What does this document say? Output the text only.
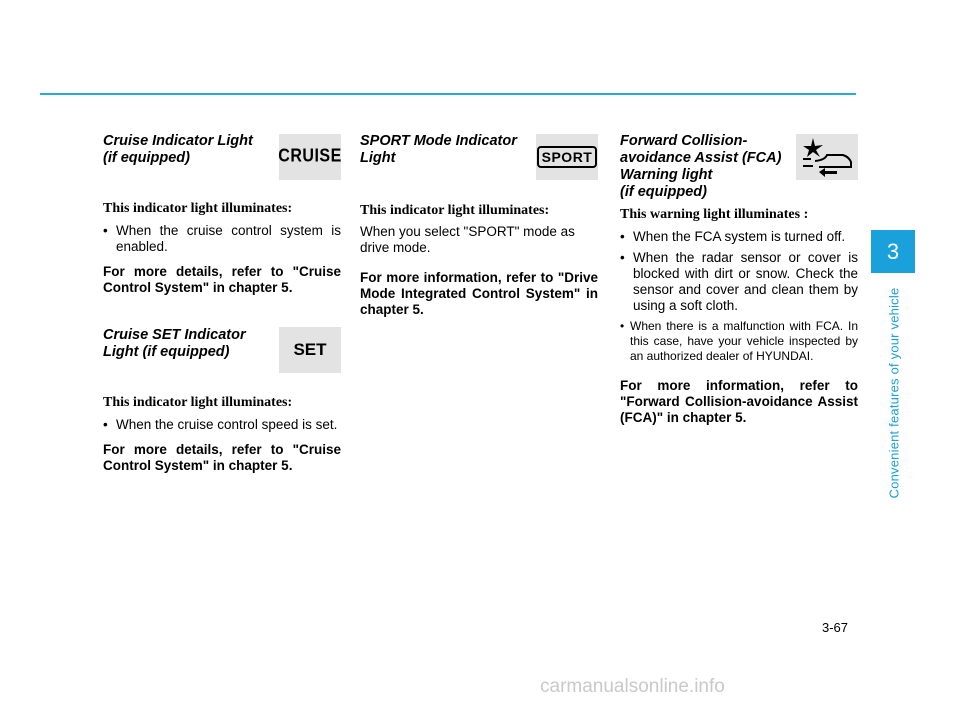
Cruise Indicator Light
(if equipped)	CRUISE

This indicator light illuminates:

• When the cruise control system is enabled.

For more details, refer to "Cruise Control System" in chapter 5.

Cruise SET Indicator
Light (if equipped)	SET

This indicator light illuminates:

• When the cruise control speed is set.

For more details, refer to "Cruise Control System" in chapter 5.

SPORT Mode Indicator
Light	SPORT

This indicator light illuminates:

When you select "SPORT" mode as drive mode.

For more information, refer to "Drive Mode Integrated Control System" in chapter 5.

Forward Collision-
avoidance Assist (FCA)
Warning light
(if equipped)

This warning light illuminates :

• When the FCA system is turned off.
• When the radar sensor or cover is blocked with dirt or snow. Check the sensor and cover and clean them by using a soft cloth.
• When there is a malfunction with FCA. In this case, have your vehicle inspected by an authorized dealer of HYUNDAI.

For more information, refer to "Forward Collision-avoidance Assist (FCA)" in chapter 5.

3
Convenient features of your vehicle
3-67
carmanualsonline.info
